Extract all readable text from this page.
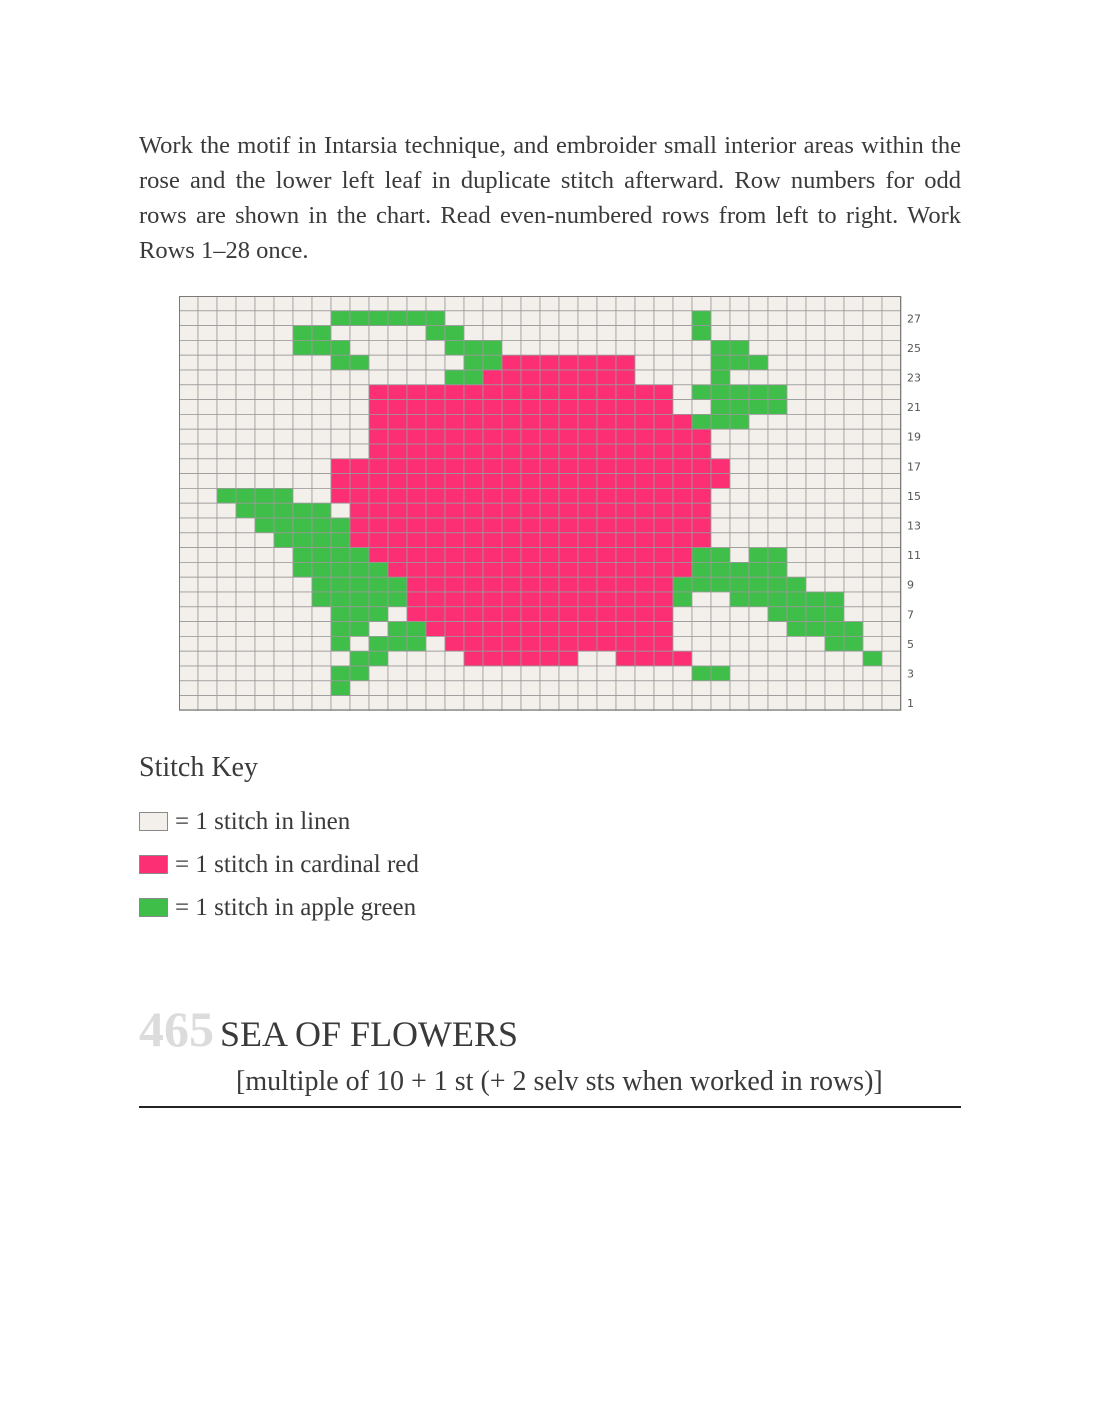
Work the motif in Intarsia technique, and embroider small interior areas within the rose and the lower left leaf in duplicate stitch afterward. Row numbers for odd rows are shown in the chart. Read even-numbered rows from left to right. Work Rows 1–28 once.

27
25
23
21
19
17
15
13
11
9
7
5
3
1
Stitch Key
= 1 stitch in linen
= 1 stitch in cardinal red
= 1 stitch in apple green
465 SEA OF FLOWERS

[multiple of 10 + 1 st (+ 2 selv sts when worked in rows)]
